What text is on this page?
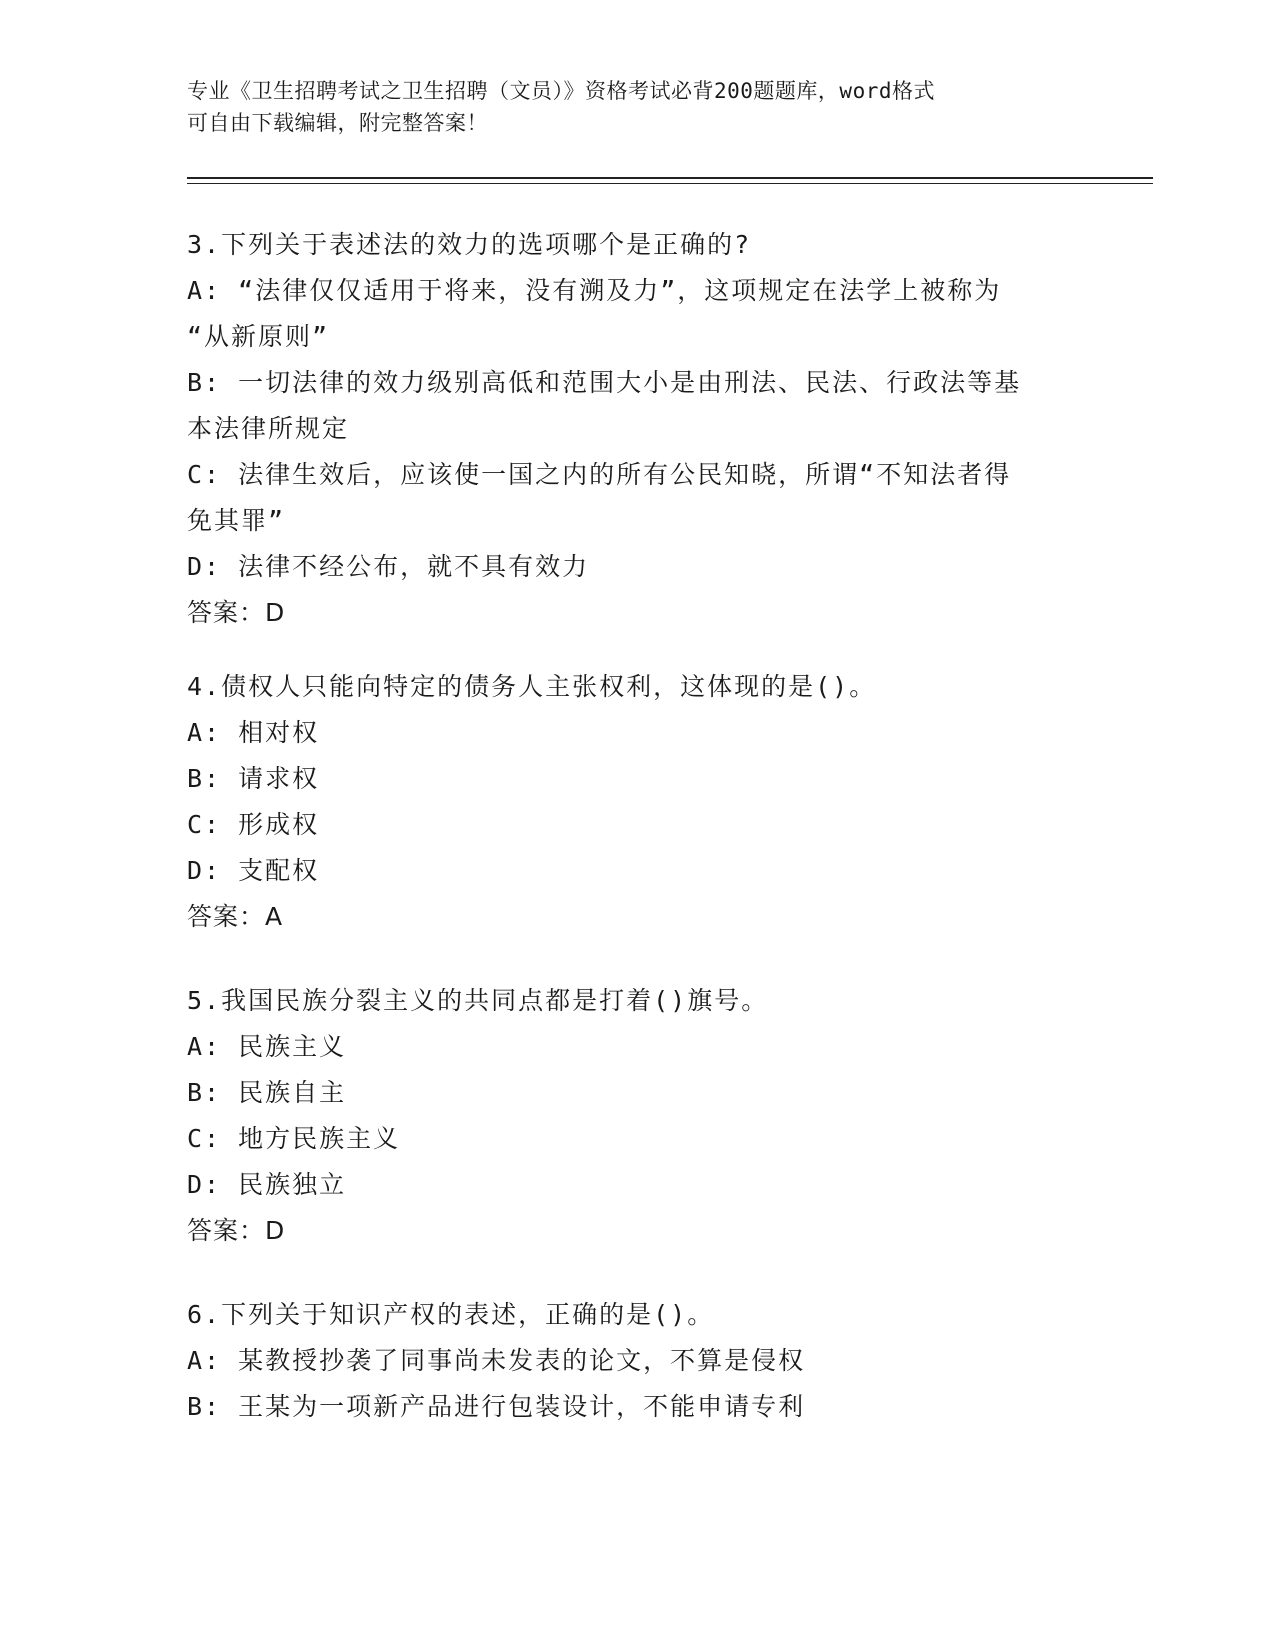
专业《卫生招聘考试之卫生招聘（文员）》资格考试必背200题题库，word格式
可自由下载编辑，附完整答案！
3.下列关于表述法的效力的选项哪个是正确的?
A: “法律仅仅适用于将来，没有溯及力”，这项规定在法学上被称为
“从新原则”
B: 一切法律的效力级别高低和范围大小是由刑法、民法、行政法等基
本法律所规定
C: 法律生效后，应该使一国之内的所有公民知晓，所谓“不知法者得
免其罪”
D: 法律不经公布，就不具有效力
答案：D
4.债权人只能向特定的债务人主张权利，这体现的是()。
A: 相对权
B: 请求权
C: 形成权
D: 支配权
答案：A
5.我国民族分裂主义的共同点都是打着()旗号。
A: 民族主义
B: 民族自主
C: 地方民族主义
D: 民族独立
答案：D
6.下列关于知识产权的表述，正确的是()。
A: 某教授抄袭了同事尚未发表的论文，不算是侵权
B: 王某为一项新产品进行包装设计，不能申请专利
